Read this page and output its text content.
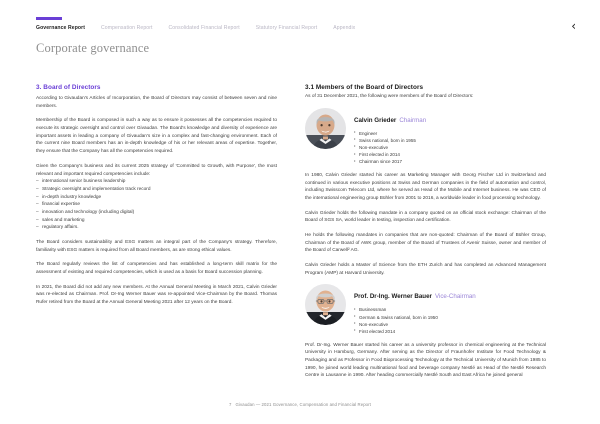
Governance Report	Compensation Report	Consolidated Financial Report	Statutory Financial Report	Appendix	‹
Corporate governance
3. Board of Directors

According to Givaudan's Articles of Incorporation, the Board of Directors may consist of between seven and nine members.

Membership of the Board is composed in such a way as to ensure it possesses all the competencies required to execute its strategic oversight and control over Givaudan. The Board's knowledge and diversity of experience are important assets in leading a company of Givaudan's size in a complex and fast-changing environment. Each of the current nine Board members has an in-depth knowledge of his or her relevant areas of expertise. Together, they ensure that the Company has all the competencies required.

Given the Company's business and its current 2025 strategy of 'Committed to Growth, with Purpose', the most relevant and important required competencies include:

– international senior business leadership
– Strategic oversight and implementation track record
– in-depth industry knowledge
– financial expertise
– innovation and technology (including digital)
– sales and marketing
– regulatory affairs.

The Board considers sustainability and ESG matters an integral part of the Company's strategy. Therefore, familiarity with ESG matters is required from all Board members, as are strong ethical values.

The Board regularly reviews the list of competencies and has established a long-term skill matrix for the assessment of existing and required competencies, which is used as a basis for Board succession planning.

In 2021, the Board did not add any new members. At the Annual General Meeting in March 2021, Calvin Grieder was re-elected as Chairman. Prof. Dr-Ing Werner Bauer was re-appointed Vice-Chairman by the Board. Thomas Rufer retired from the Board at the Annual General Meeting 2021 after 12 years on the Board.

3.1 Members of the Board of Directors

As of 31 December 2021, the following were members of the Board of Directors:

Calvin Grieder Chairman
• Engineer
• Swiss national, born in 1955
• Non-executive
• First elected in 2014
• Chairman since 2017

In 1980, Calvin Grieder started his career as Marketing Manager with Georg Fischer Ltd in Switzerland and continued in various executive positions at Swiss and German companies in the field of automation and control, including Swisscom Telecom Ltd, where he served as Head of the Mobile and Internet business. He was CEO of the international engineering group Bühler from 2001 to 2016, a worldwide leader in food processing technology.

Calvin Grieder holds the following mandate in a company quoted on an official stock exchange: Chairman of the Board of SGS SA, world leader in testing, inspection and certification.

He holds the following mandates in companies that are non-quoted: Chairman of the Board of Bühler Group, Chairman of the Board of AWK group, member of the Board of Trustees of Avenir Suisse, owner and member of the Board of Carwell² AG.

Calvin Grieder holds a Master of Science from the ETH Zurich and has completed an Advanced Management Program (AMP) at Harvard University.

Prof. Dr-Ing. Werner Bauer Vice-Chairman
• Businessman
• German & Swiss national, born in 1950
• Non-executive
• First elected 2014

Prof. Dr-Ing. Werner Bauer started his career as a university professor in chemical engineering at the Technical University in Hamburg, Germany. After serving as the Director of Fraunhofer Institute for Food Technology & Packaging and as Professor in Food Bioprocessing Technology at the Technical University of Munich from 1985 to 1990, he joined world leading multinational food and beverage company Nestlé as Head of the Nestlé Research Centre in Lausanne in 1990. After heading commercially Nestlé South and East Africa he joined general

7 Givaudan — 2021 Governance, Compensation and Financial Report
